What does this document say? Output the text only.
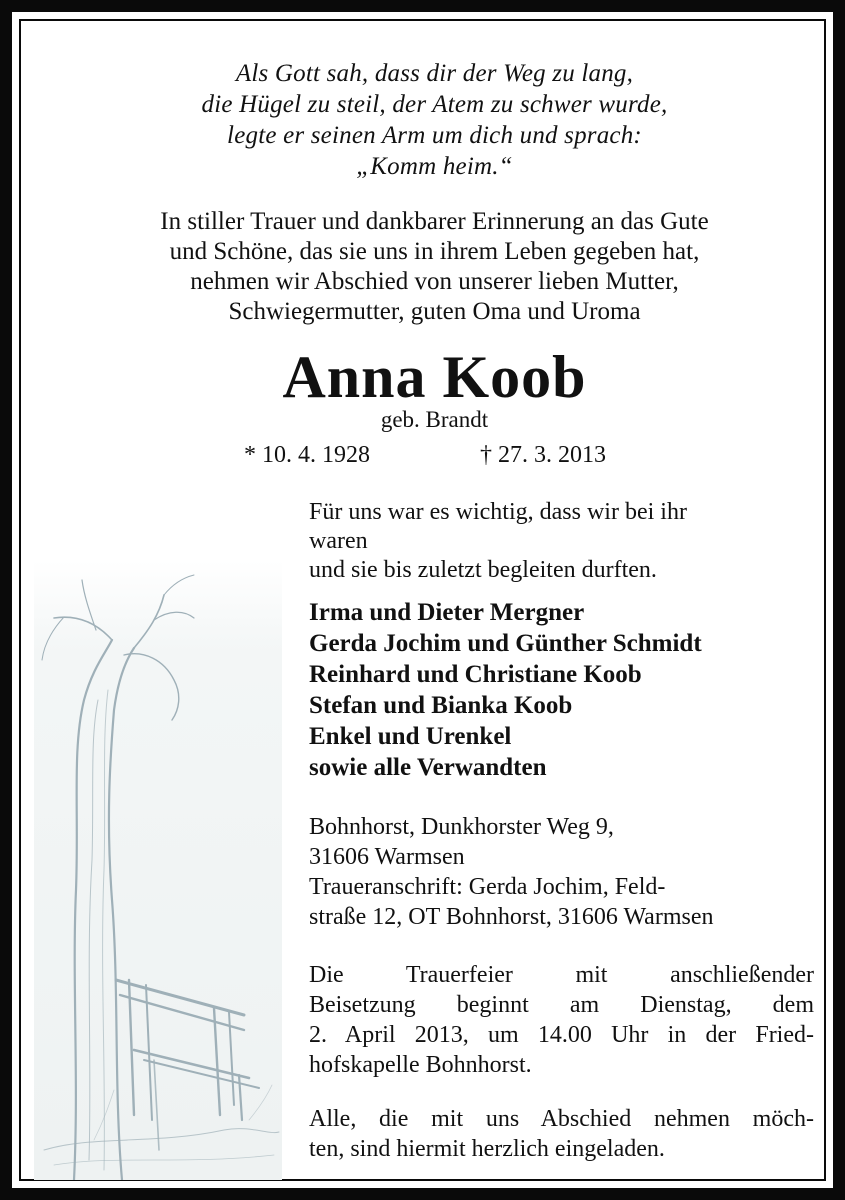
Als Gott sah, dass dir der Weg zu lang,
die Hügel zu steil, der Atem zu schwer wurde,
legte er seinen Arm um dich und sprach:
„Komm heim.“
In stiller Trauer und dankbarer Erinnerung an das Gute
und Schöne, das sie uns in ihrem Leben gegeben hat,
nehmen wir Abschied von unserer lieben Mutter,
Schwiegermutter, guten Oma und Uroma
Anna Koob
geb. Brandt
* 10. 4. 1928	† 27. 3. 2013
Für uns war es wichtig, dass wir bei ihr
waren
und sie bis zuletzt begleiten durften.
Irma und Dieter Mergner
Gerda Jochim und Günther Schmidt
Reinhard und Christiane Koob
Stefan und Bianka Koob
Enkel und Urenkel
sowie alle Verwandten
Bohnhorst, Dunkhorster Weg 9,
31606 Warmsen
Traueranschrift: Gerda Jochim, Feld-
straße 12, OT Bohnhorst, 31606 Warmsen
Die Trauerfeier mit anschließender
Beisetzung beginnt am Dienstag, dem
2. April 2013, um 14.00 Uhr in der Fried-
hofskapelle Bohnhorst.
Alle, die mit uns Abschied nehmen möch-
ten, sind hiermit herzlich eingeladen.
